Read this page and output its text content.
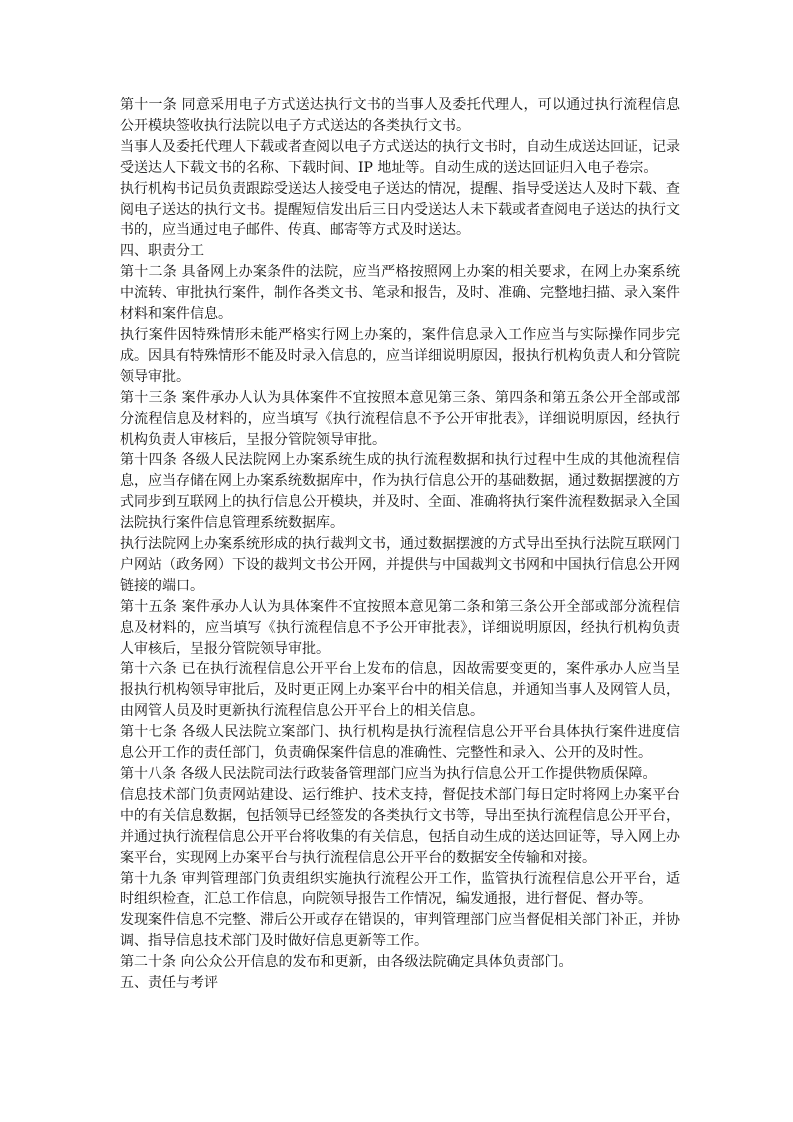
第十一条 同意采用电子方式送达执行文书的当事人及委托代理人，可以通过执行流程信息公开模块签收执行法院以电子方式送达的各类执行文书。

当事人及委托代理人下载或者查阅以电子方式送达的执行文书时，自动生成送达回证，记录受送达人下载文书的名称、下载时间、IP 地址等。自动生成的送达回证归入电子卷宗。

执行机构书记员负责跟踪受送达人接受电子送达的情况，提醒、指导受送达人及时下载、查阅电子送达的执行文书。提醒短信发出后三日内受送达人未下载或者查阅电子送达的执行文书的，应当通过电子邮件、传真、邮寄等方式及时送达。

四、职责分工

第十二条 具备网上办案条件的法院，应当严格按照网上办案的相关要求，在网上办案系统中流转、审批执行案件，制作各类文书、笔录和报告，及时、准确、完整地扫描、录入案件材料和案件信息。

执行案件因特殊情形未能严格实行网上办案的，案件信息录入工作应当与实际操作同步完成。因具有特殊情形不能及时录入信息的，应当详细说明原因，报执行机构负责人和分管院领导审批。

第十三条 案件承办人认为具体案件不宜按照本意见第三条、第四条和第五条公开全部或部分流程信息及材料的，应当填写《执行流程信息不予公开审批表》，详细说明原因，经执行机构负责人审核后，呈报分管院领导审批。

第十四条 各级人民法院网上办案系统生成的执行流程数据和执行过程中生成的其他流程信息，应当存储在网上办案系统数据库中，作为执行信息公开的基础数据，通过数据摆渡的方式同步到互联网上的执行信息公开模块，并及时、全面、准确将执行案件流程数据录入全国法院执行案件信息管理系统数据库。

执行法院网上办案系统形成的执行裁判文书，通过数据摆渡的方式导出至执行法院互联网门户网站（政务网）下设的裁判文书公开网，并提供与中国裁判文书网和中国执行信息公开网链接的端口。

第十五条 案件承办人认为具体案件不宜按照本意见第二条和第三条公开全部或部分流程信息及材料的，应当填写《执行流程信息不予公开审批表》，详细说明原因，经执行机构负责人审核后，呈报分管院领导审批。

第十六条 已在执行流程信息公开平台上发布的信息，因故需要变更的，案件承办人应当呈报执行机构领导审批后，及时更正网上办案平台中的相关信息，并通知当事人及网管人员，由网管人员及时更新执行流程信息公开平台上的相关信息。

第十七条 各级人民法院立案部门、执行机构是执行流程信息公开平台具体执行案件进度信息公开工作的责任部门，负责确保案件信息的准确性、完整性和录入、公开的及时性。

第十八条 各级人民法院司法行政装备管理部门应当为执行信息公开工作提供物质保障。

信息技术部门负责网站建设、运行维护、技术支持，督促技术部门每日定时将网上办案平台中的有关信息数据，包括领导已经签发的各类执行文书等，导出至执行流程信息公开平台，并通过执行流程信息公开平台将收集的有关信息，包括自动生成的送达回证等，导入网上办案平台，实现网上办案平台与执行流程信息公开平台的数据安全传输和对接。

第十九条 审判管理部门负责组织实施执行流程公开工作，监管执行流程信息公开平台，适时组织检查，汇总工作信息，向院领导报告工作情况，编发通报，进行督促、督办等。

发现案件信息不完整、滞后公开或存在错误的，审判管理部门应当督促相关部门补正，并协调、指导信息技术部门及时做好信息更新等工作。

第二十条 向公众公开信息的发布和更新，由各级法院确定具体负责部门。

五、责任与考评
